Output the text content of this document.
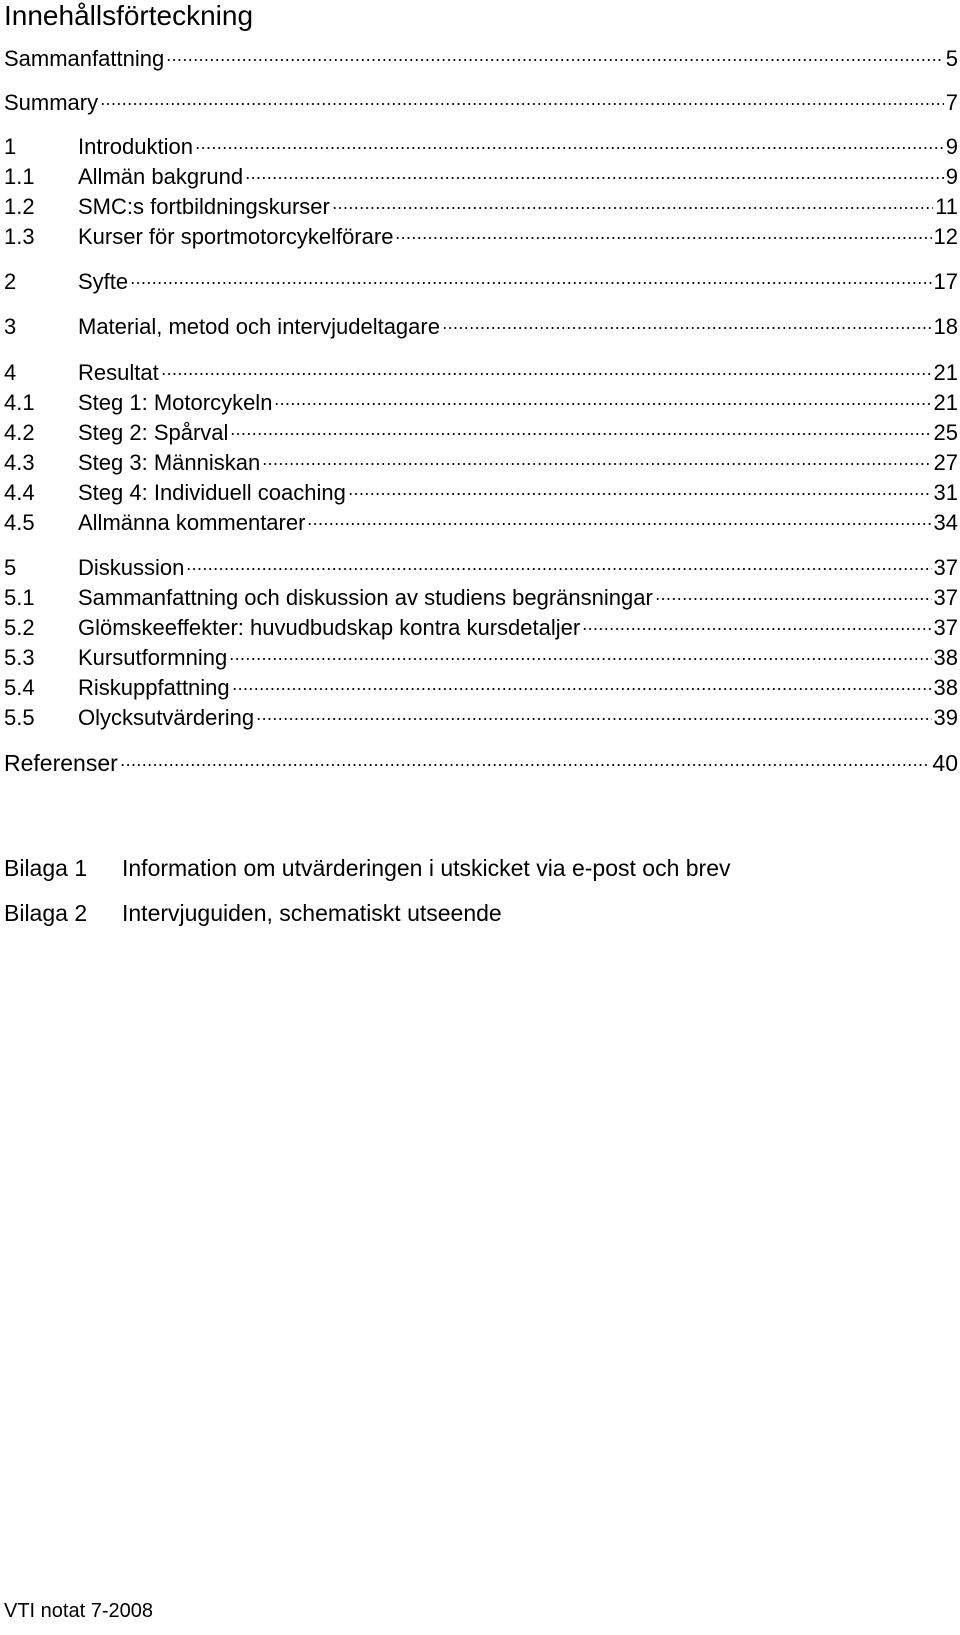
Innehållsförteckning
Sammanfattning	5
Summary	7
1	Introduktion	9
1.1	Allmän bakgrund	9
1.2	SMC:s fortbildningskurser	11
1.3	Kurser för sportmotorcykelförare	12
2	Syfte	17
3	Material, metod och intervjudeltagare	18
4	Resultat	21
4.1	Steg 1: Motorcykeln	21
4.2	Steg 2: Spårval	25
4.3	Steg 3: Människan	27
4.4	Steg 4: Individuell coaching	31
4.5	Allmänna kommentarer	34
5	Diskussion	37
5.1	Sammanfattning och diskussion av studiens begränsningar	37
5.2	Glömskeeffekter: huvudbudskap kontra kursdetaljer	37
5.3	Kursutformning	38
5.4	Riskuppfattning	38
5.5	Olycksutvärdering	39
Referenser	40
Bilaga 1	Information om utvärderingen i utskicket via e-post och brev
Bilaga 2	Intervjuguiden, schematiskt utseende
VTI notat 7-2008
